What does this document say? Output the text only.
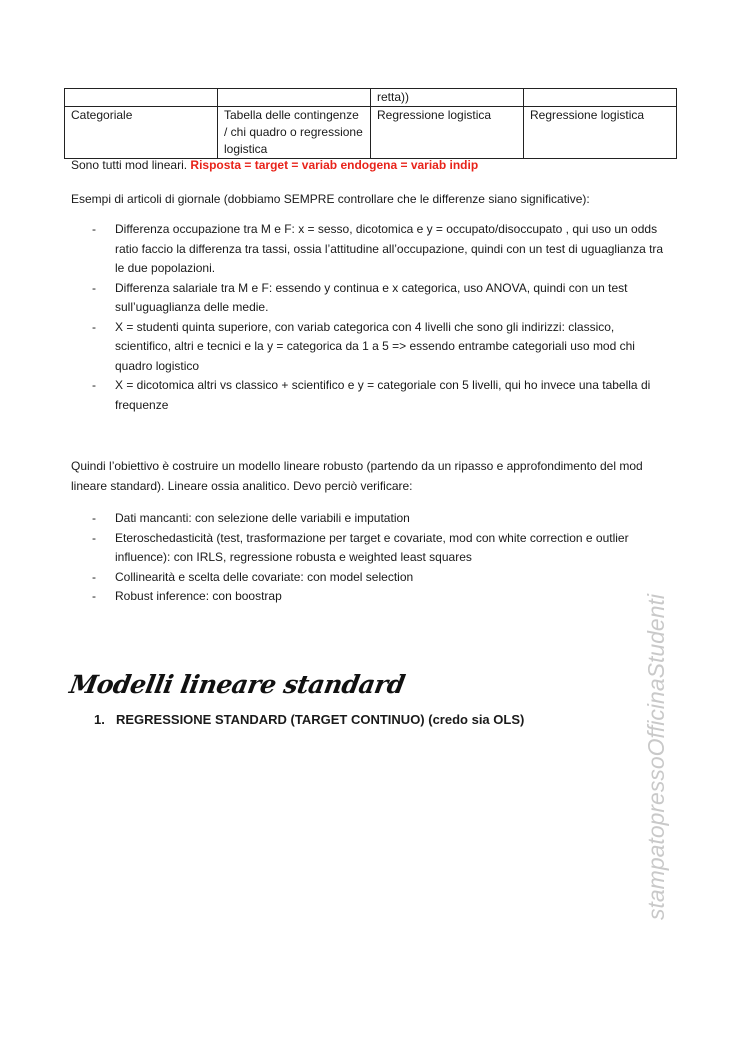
		retta))	
Categoriale	Tabella delle contingenze / chi quadro o regressione logistica	Regressione logistica	Regressione logistica
Sono tutti mod lineari. Risposta = target = variab endogena = variab indip
Esempi di articoli di giornale (dobbiamo SEMPRE controllare che le differenze siano significative):
- Differenza occupazione tra M e F: x = sesso, dicotomica e y = occupato/disoccupato , qui uso un odds ratio faccio la differenza tra tassi, ossia l’attitudine all’occupazione, quindi con un test di uguaglianza tra le due popolazioni.
- Differenza salariale tra M e F: essendo y continua e x categorica, uso ANOVA, quindi con un test sull’uguaglianza delle medie.
- X = studenti quinta superiore, con variab categorica con 4 livelli che sono gli indirizzi: classico, scientifico, altri e tecnici e la y = categorica da 1 a 5 => essendo entrambe categoriali uso mod chi quadro logistico
- X = dicotomica altri vs classico + scientifico e y = categoriale con 5 livelli, qui ho invece una tabella di frequenze
Quindi l’obiettivo è costruire un modello lineare robusto (partendo da un ripasso e approfondimento del mod lineare standard). Lineare ossia analitico. Devo perciò verificare:
- Dati mancanti: con selezione delle variabili e imputation
- Eteroschedasticità (test, trasformazione per target e covariate, mod con white correction e outlier influence): con IRLS, regressione robusta e weighted least squares
- Collinearità e scelta delle covariate: con model selection
- Robust inference: con boostrap
Modelli lineare standard
1. REGRESSIONE STANDARD (TARGET CONTINUO) (credo sia OLS)	stampatopressoOfficinaStudenti
